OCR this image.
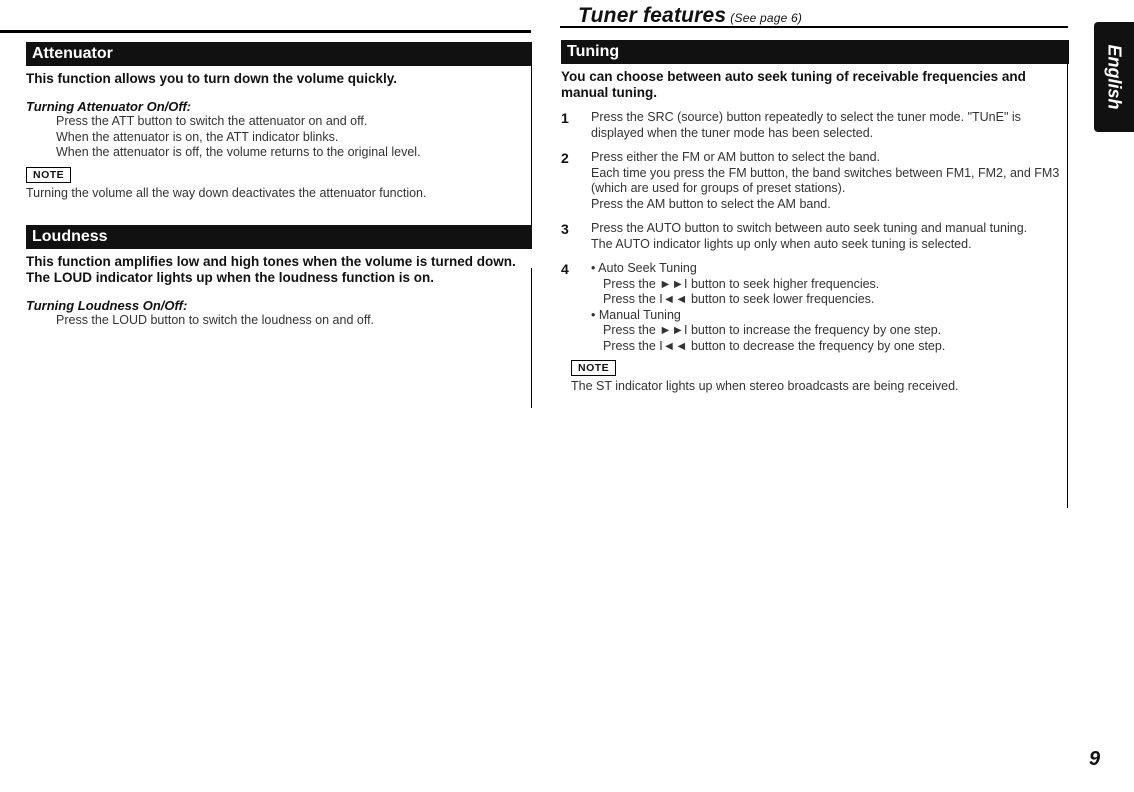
Tuner features (See page 6)
English
Attenuator
This function allows you to turn down the volume quickly.
Turning Attenuator On/Off:
Press the ATT button to switch the attenuator on and off.
When the attenuator is on, the ATT indicator blinks.
When the attenuator is off, the volume returns to the original level.
NOTE
Turning the volume all the way down deactivates the attenuator function.
Loudness
This function amplifies low and high tones when the volume is turned down.
The LOUD indicator lights up when the loudness function is on.
Turning Loudness On/Off:
Press the LOUD button to switch the loudness on and off.
Tuning
You can choose between auto seek tuning of receivable frequencies and manual tuning.
1	Press the SRC (source) button repeatedly to select the tuner mode. "TUnE" is displayed when the tuner mode has been selected.
2	Press either the FM or AM button to select the band.
Each time you press the FM button, the band switches between FM1, FM2, and FM3 (which are used for groups of preset stations).
Press the AM button to select the AM band.
3	Press the AUTO button to switch between auto seek tuning and manual tuning.
The AUTO indicator lights up only when auto seek tuning is selected.
4	• Auto Seek Tuning
Press the ►►I button to seek higher frequencies.
Press the I◄◄ button to seek lower frequencies.
• Manual Tuning
Press the ►►I button to increase the frequency by one step.
Press the I◄◄ button to decrease the frequency by one step.
NOTE
The ST indicator lights up when stereo broadcasts are being received.
9
